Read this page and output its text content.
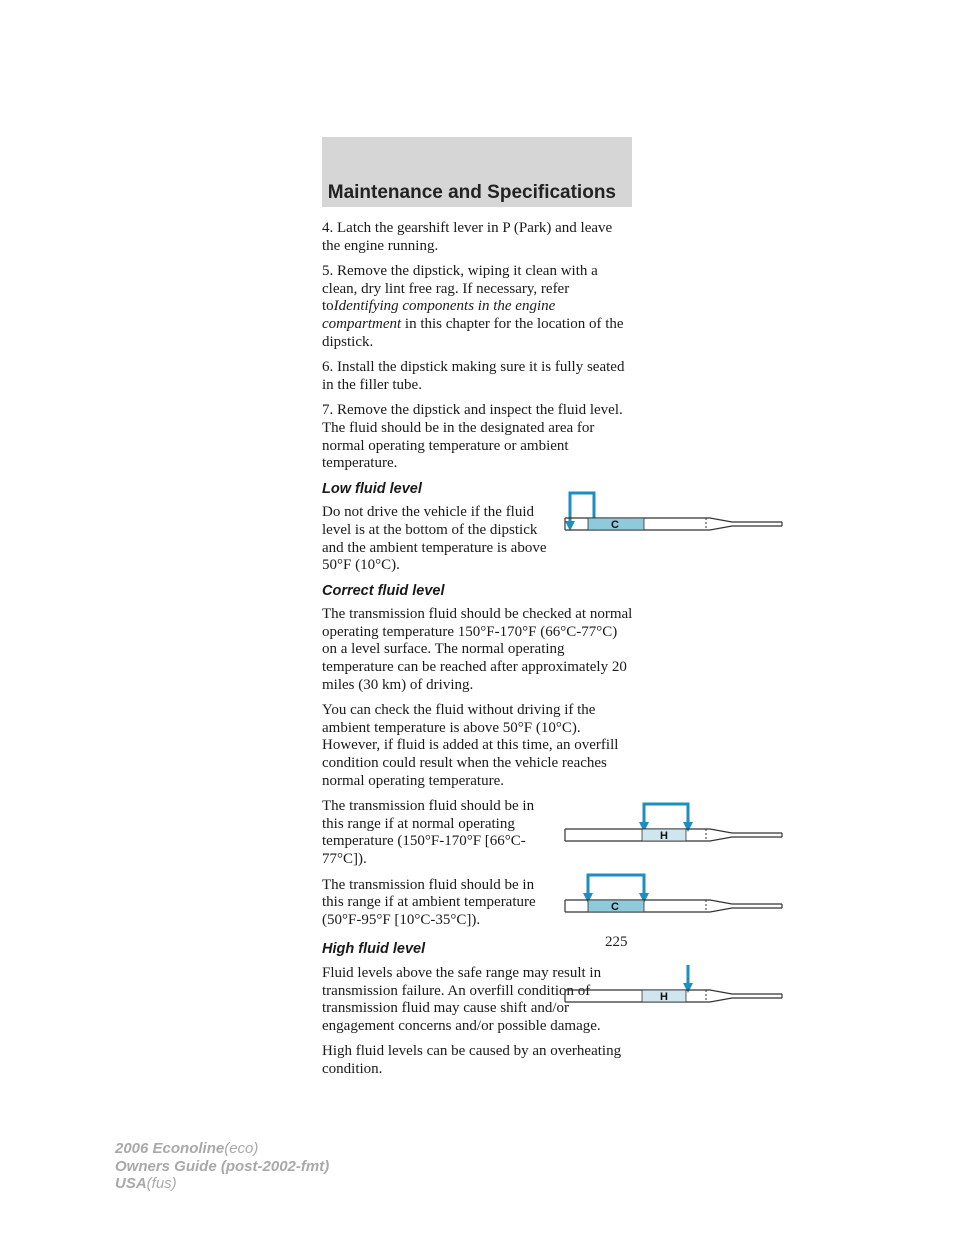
Maintenance and Specifications

4. Latch the gearshift lever in P (Park) and leave the engine running.

5. Remove the dipstick, wiping it clean with a clean, dry lint free rag. If necessary, refer toIdentifying components in the engine compartment in this chapter for the location of the dipstick.

6. Install the dipstick making sure it is fully seated in the filler tube.

7. Remove the dipstick and inspect the fluid level. The fluid should be in the designated area for normal operating temperature or ambient temperature.

Low fluid level

Do not drive the vehicle if the fluid level is at the bottom of the dipstick and the ambient temperature is above 50°F (10°C).

C
Correct fluid level

The transmission fluid should be checked at normal operating temperature 150°F-170°F (66°C-77°C) on a level surface. The normal operating temperature can be reached after approximately 20 miles (30 km) of driving.

You can check the fluid without driving if the ambient temperature is above 50°F (10°C). However, if fluid is added at this time, an overfill condition could result when the vehicle reaches normal operating temperature.

The transmission fluid should be in this range if at normal operating temperature (150°F-170°F [66°C-77°C]).

H

The transmission fluid should be in this range if at ambient temperature (50°F-95°F [10°C-35°C]).

C
High fluid level

Fluid levels above the safe range may result in transmission failure. An overfill condition of transmission fluid may cause shift and/or engagement concerns and/or possible damage.

H

High fluid levels can be caused by an overheating condition.

225
2006 Econoline(eco)
Owners Guide (post-2002-fmt)
USA(fus)
